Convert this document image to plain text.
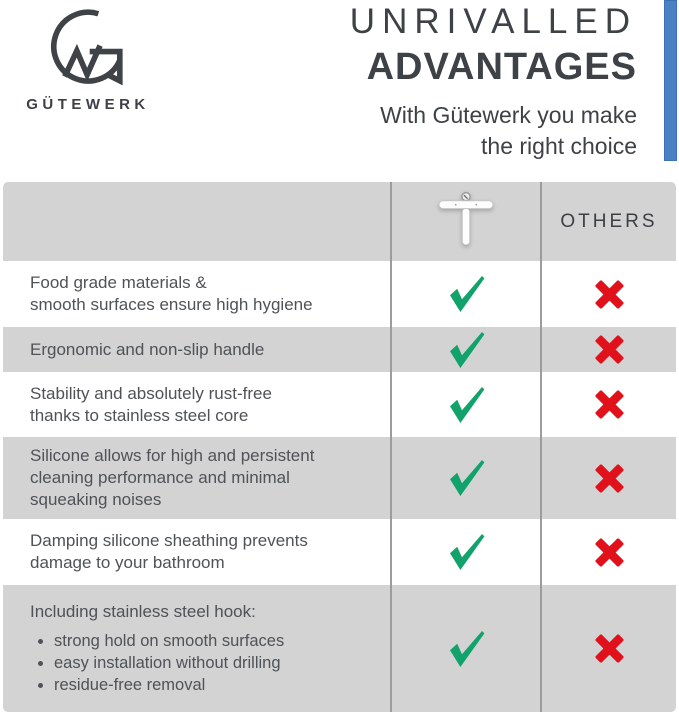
GÜTEWERK
UNRIVALLED
ADVANTAGES
With Gütewerk you make
the right choice
OTHERS
Food grade materials &
smooth surfaces ensure high hygiene
Ergonomic and non-slip handle
Stability and absolutely rust-free
thanks to stainless steel core
Silicone allows for high and persistent
cleaning performance and minimal
squeaking noises
Damping silicone sheathing prevents
damage to your bathroom
Including stainless steel hook:
• strong hold on smooth surfaces
• easy installation without drilling
• residue-free removal
